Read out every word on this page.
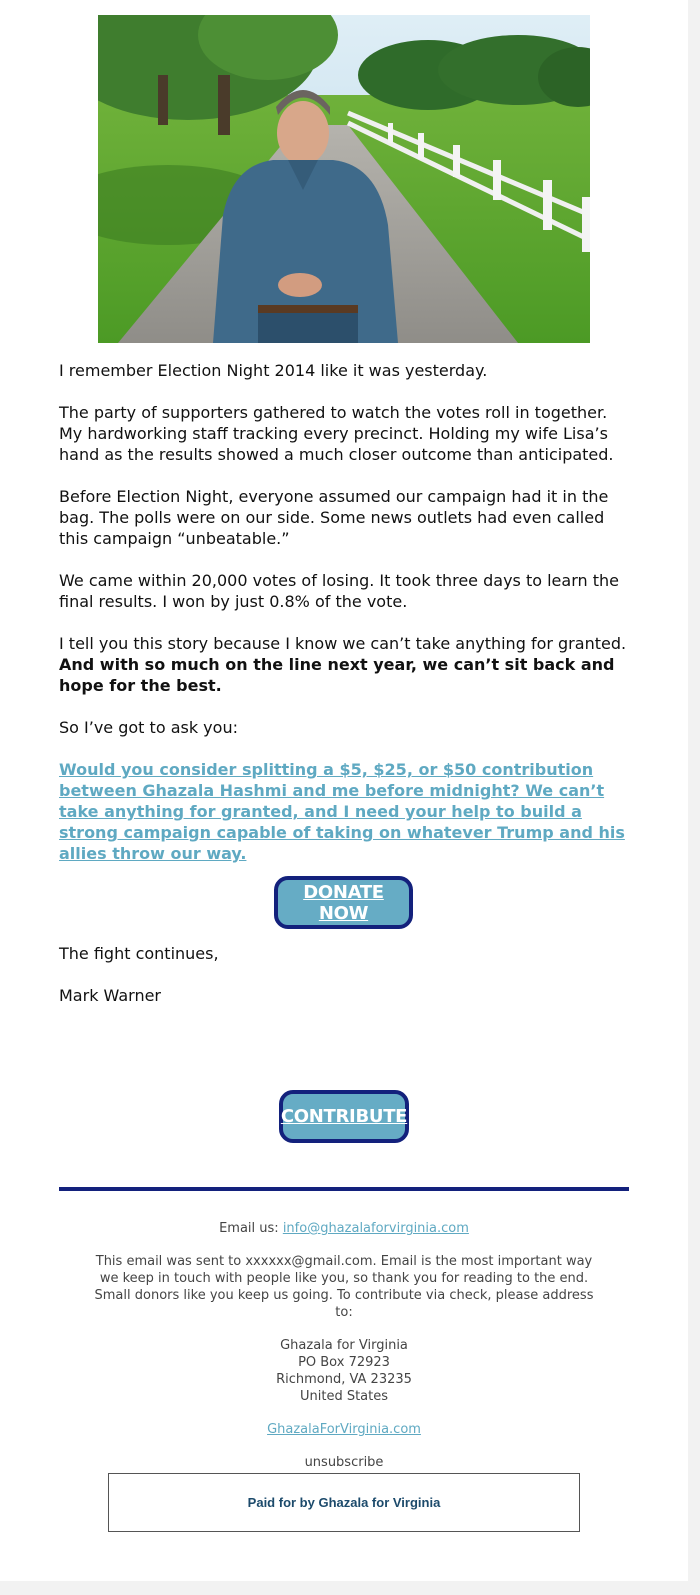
I remember Election Night 2014 like it was yesterday.

The party of supporters gathered to watch the votes roll in together. My hardworking staff tracking every precinct. Holding my wife Lisa’s hand as the results showed a much closer outcome than anticipated.

Before Election Night, everyone assumed our campaign had it in the bag. The polls were on our side. Some news outlets had even called this campaign “unbeatable.”

We came within 20,000 votes of losing. It took three days to learn the final results. I won by just 0.8% of the vote.

I tell you this story because I know we can’t take anything for granted. And with so much on the line next year, we can’t sit back and hope for the best.

So I’ve got to ask you:

Would you consider splitting a $5, $25, or $50 contribution between Ghazala Hashmi and me before midnight? We can’t take anything for granted, and I need your help to build a strong campaign capable of taking on whatever Trump and his allies throw our way.
DONATE NOW

The fight continues,

Mark Warner

CONTRIBUTE

Email us: info@ghazalaforvirginia.com

This email was sent to xxxxxx@gmail.com. Email is the most important way we keep in touch with people like you, so thank you for reading to the end. Small donors like you keep us going. To contribute via check, please address to:

Ghazala for Virginia
PO Box 72923
Richmond, VA 23235
United States

GhazalaForVirginia.com

unsubscribe

Paid for by Ghazala for Virginia
